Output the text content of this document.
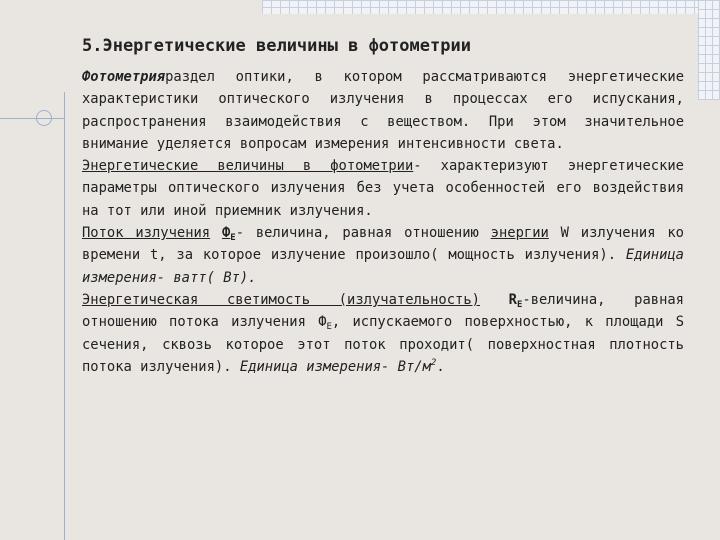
5.Энергетические величины в фотометрии

Фотометрияраздел оптики, в котором рассматриваются энергетические характеристики оптического излучения в процессах его испускания, распространения взаимодействия с веществом. При этом значительное внимание уделяется вопросам измерения интенсивности света.

Энергетические величины в фотометрии- характеризуют энергетические параметры оптического излучения без учета особенностей его воздействия на тот или иной приемник излучения.

Поток излучения $Ф_Е-$ величина, равная отношению энергии W излучения ко времени t, за которое излучение произошло( мощность излучения). Единица измерения- ватт( Вт).

Энергетическая светимость (излучательность) $R_Е$-величина, равная отношению потока излучения $Ф_Е$, испускаемого поверхностью, к площади S сечения, сквозь которое этот поток проходит( поверхностная плотность потока излучения). Единица измерения- $Вт/м^2$.
